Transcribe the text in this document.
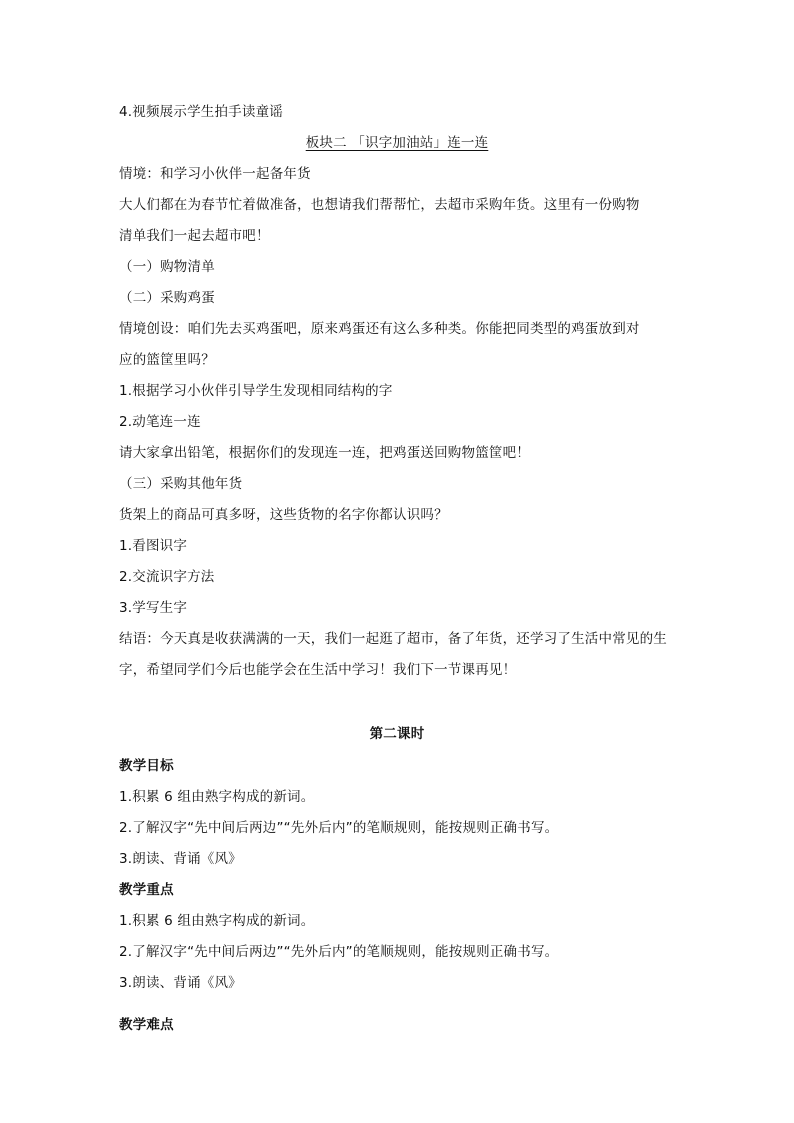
4.视频展示学生拍手读童谣
板块二 「识字加油站」连一连
情境：和学习小伙伴一起备年货
大人们都在为春节忙着做准备，也想请我们帮帮忙，去超市采购年货。这里有一份购物
清单我们一起去超市吧！
（一）购物清单
（二）采购鸡蛋
情境创设：咱们先去买鸡蛋吧，原来鸡蛋还有这么多种类。你能把同类型的鸡蛋放到对
应的篮筐里吗？
1.根据学习小伙伴引导学生发现相同结构的字
2.动笔连一连
请大家拿出铅笔，根据你们的发现连一连，把鸡蛋送回购物篮筐吧！
（三）采购其他年货
货架上的商品可真多呀，这些货物的名字你都认识吗？
1.看图识字
2.交流识字方法
3.学写生字
结语：今天真是收获满满的一天，我们一起逛了超市，备了年货，还学习了生活中常见的生
字，希望同学们今后也能学会在生活中学习！我们下一节课再见！
第二课时
教学目标
1.积累 6 组由熟字构成的新词。
2.了解汉字“先中间后两边”“先外后内”的笔顺规则，能按规则正确书写。
3.朗读、背诵《风》
教学重点
1.积累 6 组由熟字构成的新词。
2.了解汉字“先中间后两边”“先外后内”的笔顺规则，能按规则正确书写。
3.朗读、背诵《风》
教学难点
